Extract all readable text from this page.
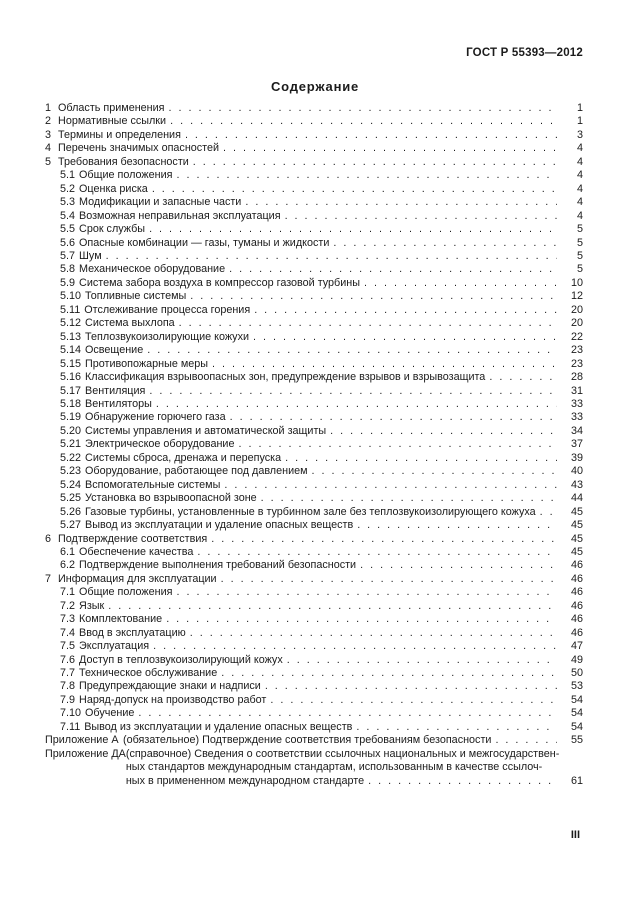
ГОСТ Р 55393—2012
Содержание
1 Область применения . . .	1
2 Нормативные ссылки . . .	1
3 Термины и определения . . .	3
4 Перечень значимых опасностей . . .	4
5 Требования безопасности . . .	4
5.1 Общие положения . . .	4
5.2 Оценка риска . . .	4
5.3 Модификации и запасные части . . .	4
5.4 Возможная неправильная эксплуатация . . .	4
5.5 Срок службы . . .	5
5.6 Опасные комбинации — газы, туманы и жидкости . . .	5
5.7 Шум . . .	5
5.8 Механическое оборудование . . .	5
5.9 Система забора воздуха в компрессор газовой турбины . . .	10
5.10 Топливные системы . . .	12
5.11 Отслеживание процесса горения . . .	20
5.12 Система выхлопа . . .	20
5.13 Теплозвукоизолирующие кожухи . . .	22
5.14 Освещение . . .	23
5.15 Противопожарные меры . . .	23
5.16 Классификация взрывоопасных зон, предупреждение взрывов и взрывозащита . . .	28
5.17 Вентиляция . . .	31
5.18 Вентиляторы . . .	33
5.19 Обнаружение горючего газа . . .	33
5.20 Системы управления и автоматической защиты . . .	34
5.21 Электрическое оборудование . . .	37
5.22 Системы сброса, дренажа и перепуска . . .	39
5.23 Оборудование, работающее под давлением . . .	40
5.24 Вспомогательные системы . . .	43
5.25 Установка во взрывоопасной зоне . . .	44
5.26 Газовые турбины, установленные в турбинном зале без теплозвукоизолирующего кожуха . . .	45
5.27 Вывод из эксплуатации и удаление опасных веществ . . .	45
6 Подтверждение соответствия . . .	45
6.1 Обеспечение качества . . .	45
6.2 Подтверждение выполнения требований безопасности . . .	46
7 Информация для эксплуатации . . .	46
7.1 Общие положения . . .	46
7.2 Язык . . .	46
7.3 Комплектование . . .	46
7.4 Ввод в эксплуатацию . . .	46
7.5 Эксплуатация . . .	47
7.6 Доступ в теплозвукоизолирующий кожух . . .	49
7.7 Техническое обслуживание . . .	50
7.8 Предупреждающие знаки и надписи . . .	53
7.9 Наряд-допуск на производство работ . . .	54
7.10 Обучение . . .	54
7.11 Вывод из эксплуатации и удаление опасных веществ . . .	54
Приложение А (обязательное) Подтверждение соответствия требованиям безопасности . . .	55
Приложение ДА (справочное) Сведения о соответствии ссылочных национальных и межгосударствен-
ных стандартов международным стандартам, использованным в качестве ссылоч-
ных в примененном международном стандарте . . .	61
III
